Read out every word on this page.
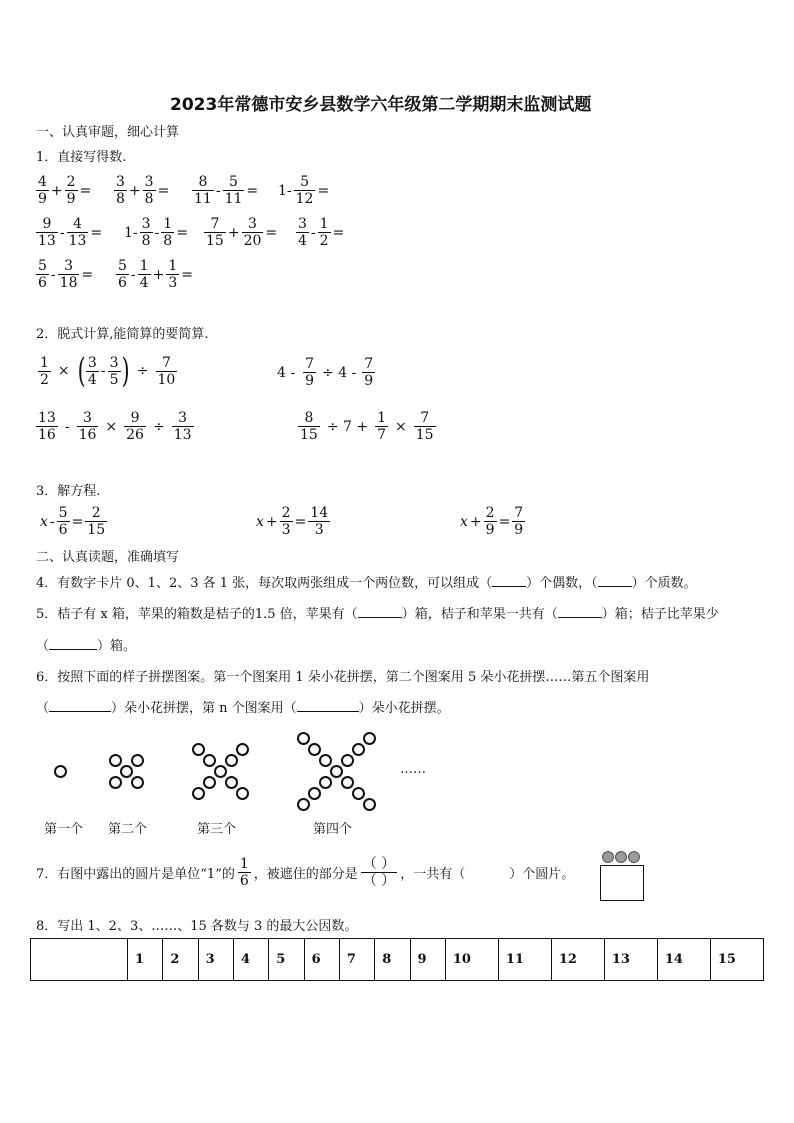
2023年常德市安乡县数学六年级第二学期期末监测试题
一、认真审题，细心计算
1．直接写得数.
$\frac{4}{9} + \frac{2}{9} = \frac{3}{8} + \frac{3}{8} = \frac{8}{11} - \frac{5}{11} = 1- \frac{5}{12}$ =
$\frac{9}{13} - \frac{4}{13} = 1- \frac{3}{8} - \frac{1}{8} = \frac{7}{15} + \frac{3}{20} = \frac{3}{4} - \frac{1}{2}$ =
$\frac{5}{6} - \frac{3}{18} = \frac{5}{6} - \frac{1}{4} + \frac{1}{3}$ =
2．脱式计算,能简算的要简算.
$\frac{1}{2}$ × ( $\frac{3}{4} - \frac{3}{5}$ ) ÷ $\frac{7}{10}$	$4 - \frac{7}{9} \div 4 - \frac{7}{9}$
$\frac{13}{16} - \frac{3}{16} \times \frac{9}{26} \div \frac{3}{13}$	$\frac{8}{15} \div 7 + \frac{1}{7} \times \frac{7}{15}$
3．解方程.
$x - \frac{5}{6} = \frac{2}{15}$	$x + \frac{2}{3} = \frac{14}{3}$	$x + \frac{2}{9} = \frac{7}{9}$
二、认真读题，准确填写
4．有数字卡片 0、1、2、3 各 1 张，每次取两张组成一个两位数，可以组成（	）个偶数，（	）个质数。
5．桔子有 x 箱，苹果的箱数是桔子的1.5 倍，苹果有（	）箱，桔子和苹果一共有（	）箱；桔子比苹果少
（	）箱。
6．按照下面的样子拼摆图案。第一个图案用 1 朵小花拼摆，第二个图案用 5 朵小花拼摆……第五个图案用
（	）朵小花拼摆，第 n 个图案用（	）朵小花拼摆。
……
第一个 第二个	第三个	第四个
7．右图中露出的圆片是单位“1”的 $\frac{1}{6}$ ，被遮住的部分是 $\frac{( )}{( )}$ ，一共有（	）个圆片。
8．写出 1、2、3、……、15 各数与 3 的最大公因数。
	1	2	3	4	5	6	7	8	9	10	11	12	13	14	15
